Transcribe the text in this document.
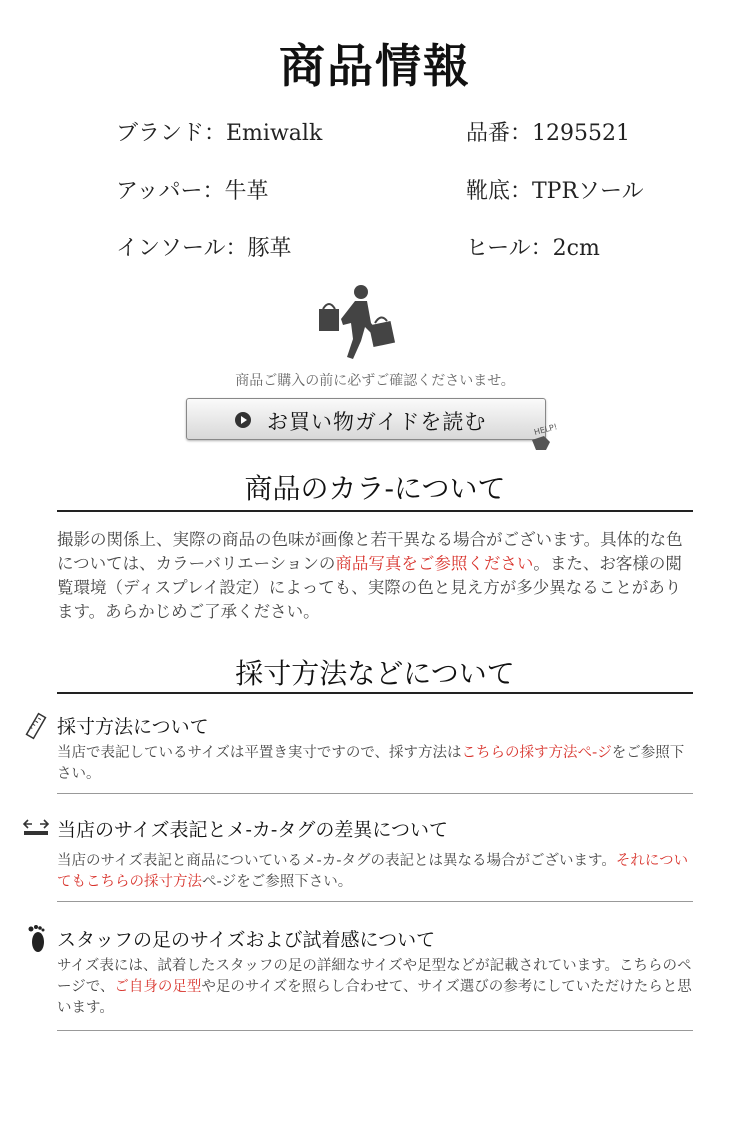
商品情報
ブランド：Emiwalk	品番：1295521
アッパー：牛革	靴底：TPRソール
インソール：豚革	ヒール：2cm
商品ご購入の前に必ずご確認くださいませ。
お買い物ガイドを読む	HELP!
商品のカラ-について
撮影の関係上、実際の商品の色味が画像と若干異なる場合がございます。具体的な色については、カラーバリエーションの商品写真をご参照ください。また、お客様の閲覧環境（ディスプレイ設定）によっても、実際の色と見え方が多少異なることがあります。あらかじめご了承ください。
採寸方法などについて
採寸方法について
当店で表記しているサイズは平置き実寸ですので、採す方法はこちらの採す方法ぺ-ジをご参照下さい。
当店のサイズ表記とメ-カ-タグの差異について
当店のサイズ表記と商品についているメ-カ-タグの表記とは異なる場合がございます。それについてもこちらの採寸方法ぺ-ジをご参照下さい。
スタッフの足のサイズおよび試着感について
サイズ表には、試着したスタッフの足の詳細なサイズや足型などが記載されています。こちらのページで、ご自身の足型や足のサイズを照らし合わせて、サイズ選びの参考にしていただけたらと思います。
